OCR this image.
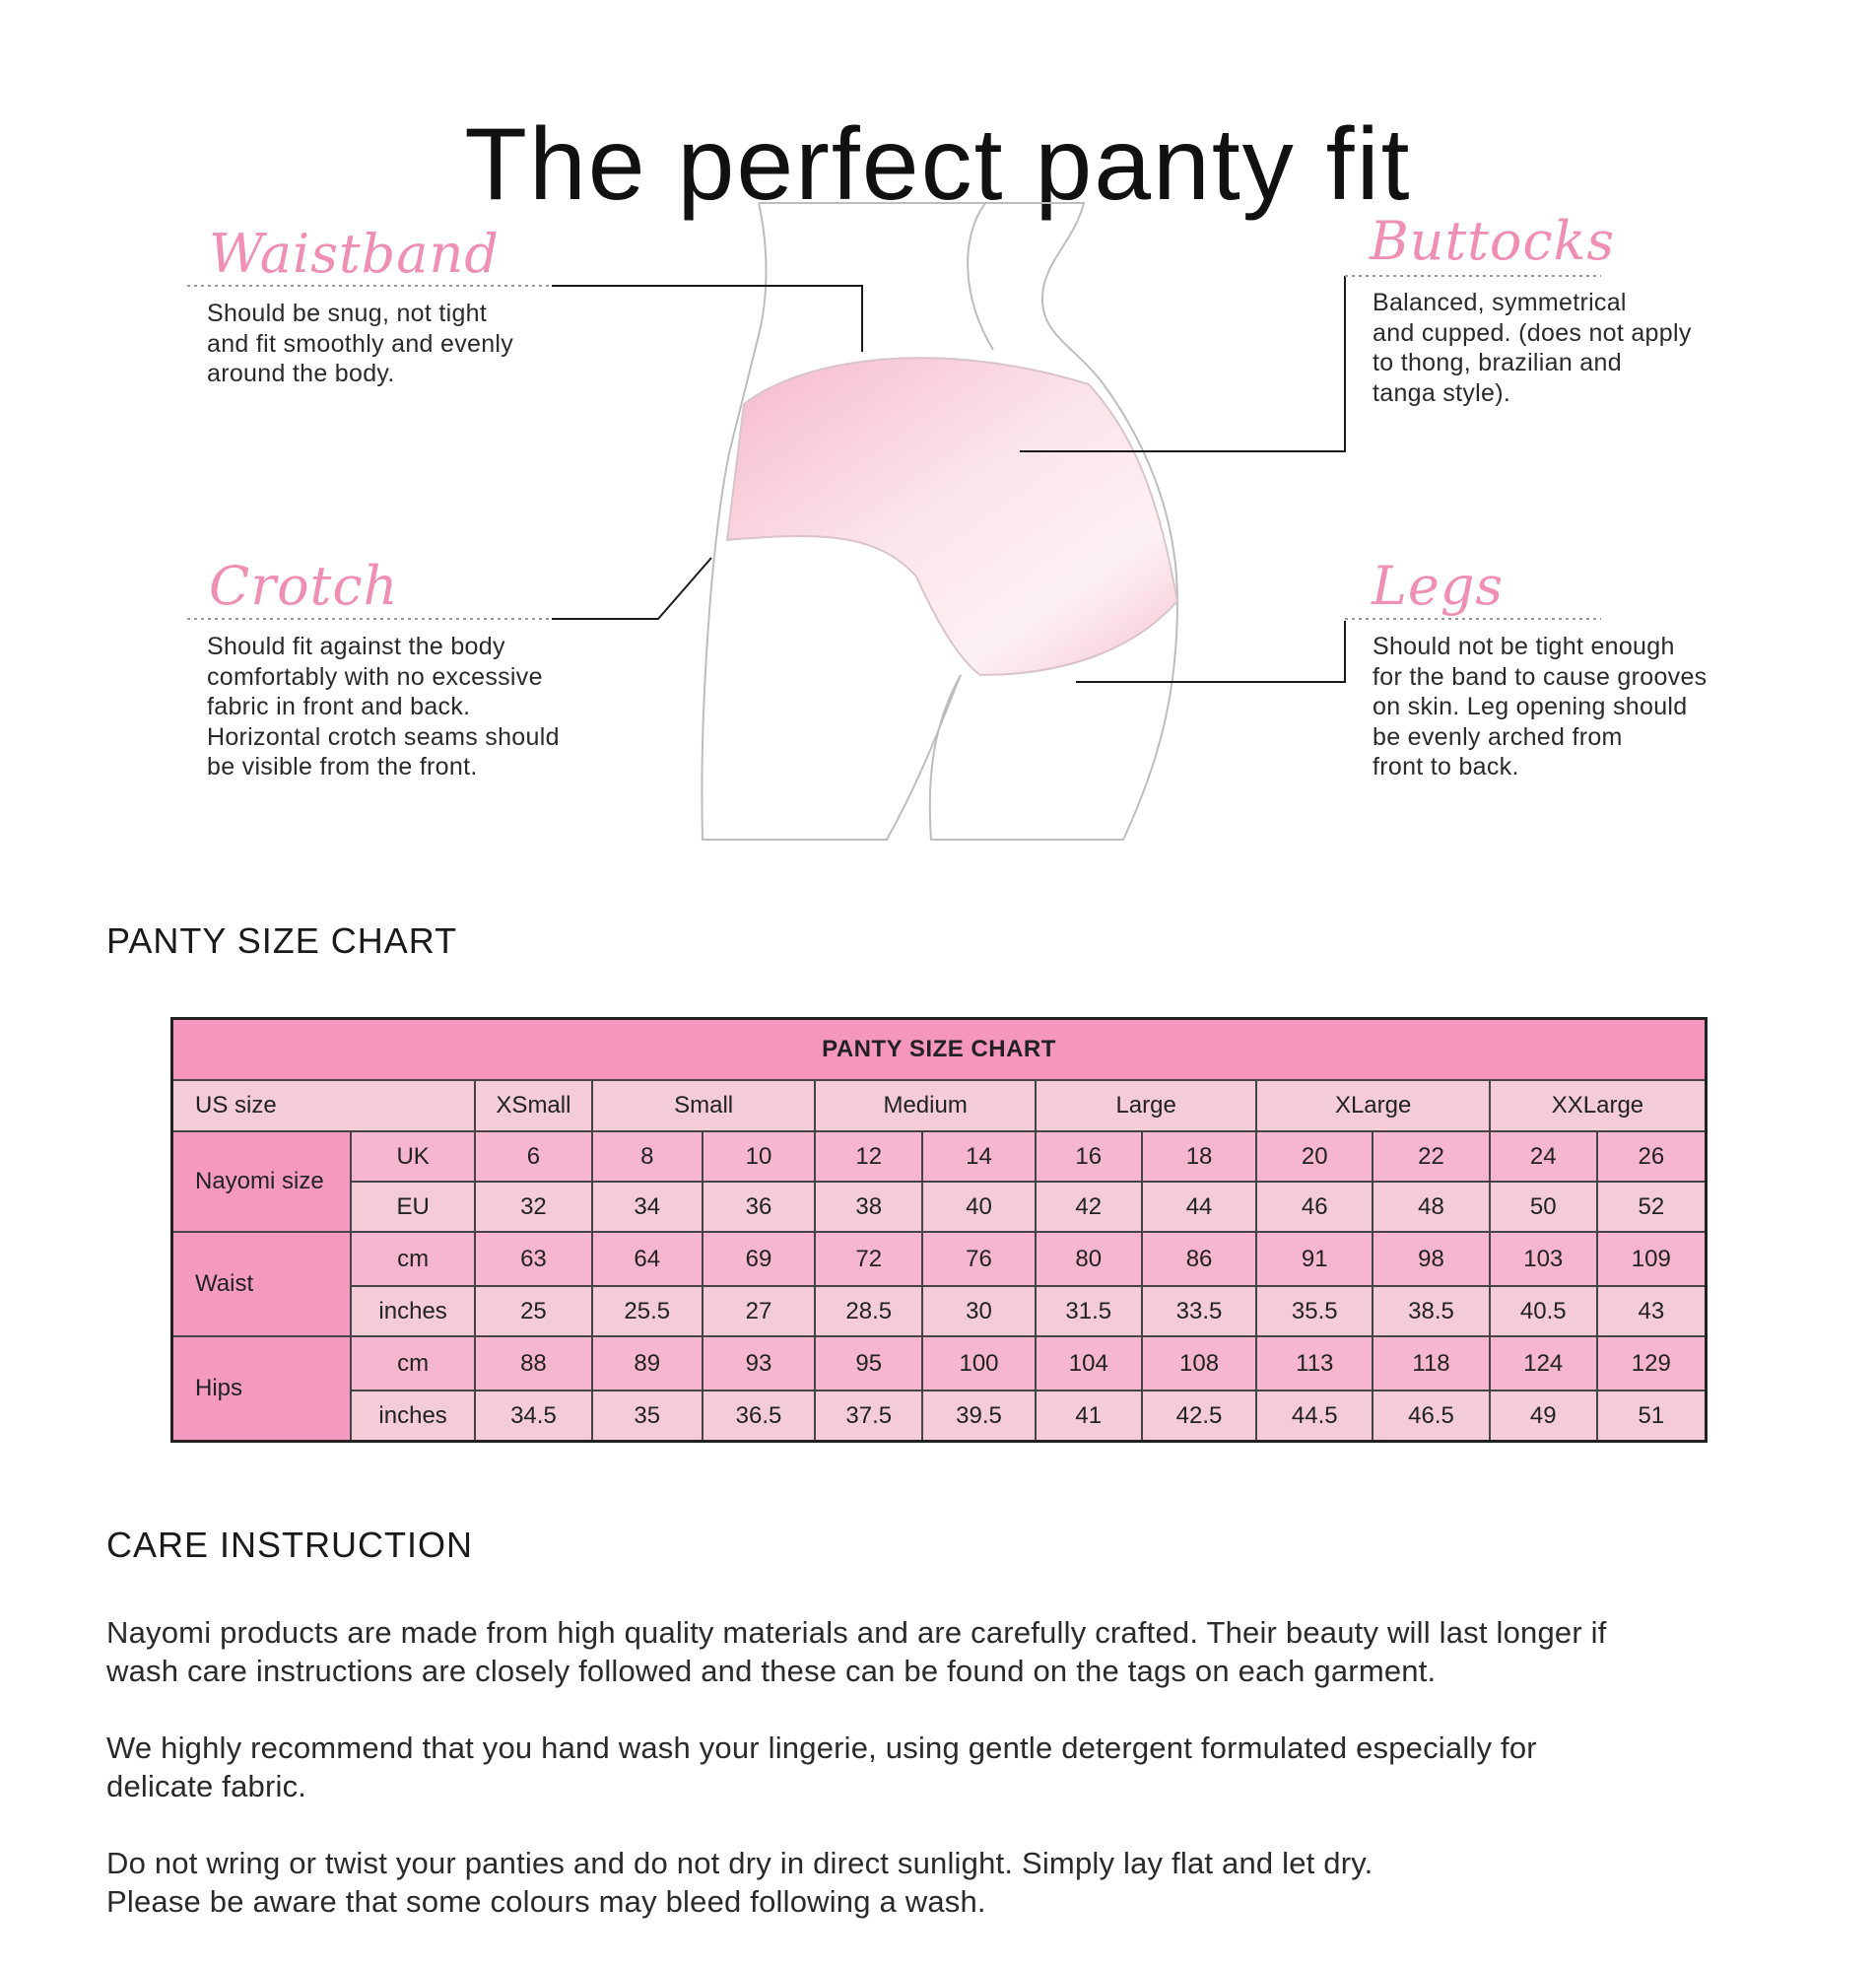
The perfect panty fit
Waistband
Should be snug, not tight
and fit smoothly and evenly
around the body.
Buttocks
Balanced, symmetrical
and cupped. (does not apply
to thong, brazilian and
tanga style).
Crotch
Should fit against the body
comfortably with no excessive
fabric in front and back.
Horizontal crotch seams should
be visible from the front.
Legs
Should not be tight enough
for the band to cause grooves
on skin. Leg opening should
be evenly arched from
front to back.
PANTY SIZE CHART
PANTY SIZE CHART												
US size		XSmall	Small		Medium		Large		XLarge		XXLarge	
Nayomi size	UK	6	8	10	12	14	16	18	20	22	24	26
	EU	32	34	36	38	40	42	44	46	48	50	52
Waist	cm	63	64	69	72	76	80	86	91	98	103	109
	inches	25	25.5	27	28.5	30	31.5	33.5	35.5	38.5	40.5	43
Hips	cm	88	89	93	95	100	104	108	113	118	124	129
	inches	34.5	35	36.5	37.5	39.5	41	42.5	44.5	46.5	49	51
CARE INSTRUCTION
Nayomi products are made from high quality materials and are carefully crafted. Their beauty will last longer if
wash care instructions are closely followed and these can be found on the tags on each garment.
We highly recommend that you hand wash your lingerie, using gentle detergent formulated especially for
delicate fabric.
Do not wring or twist your panties and do not dry in direct sunlight. Simply lay flat and let dry.
Please be aware that some colours may bleed following a wash.
